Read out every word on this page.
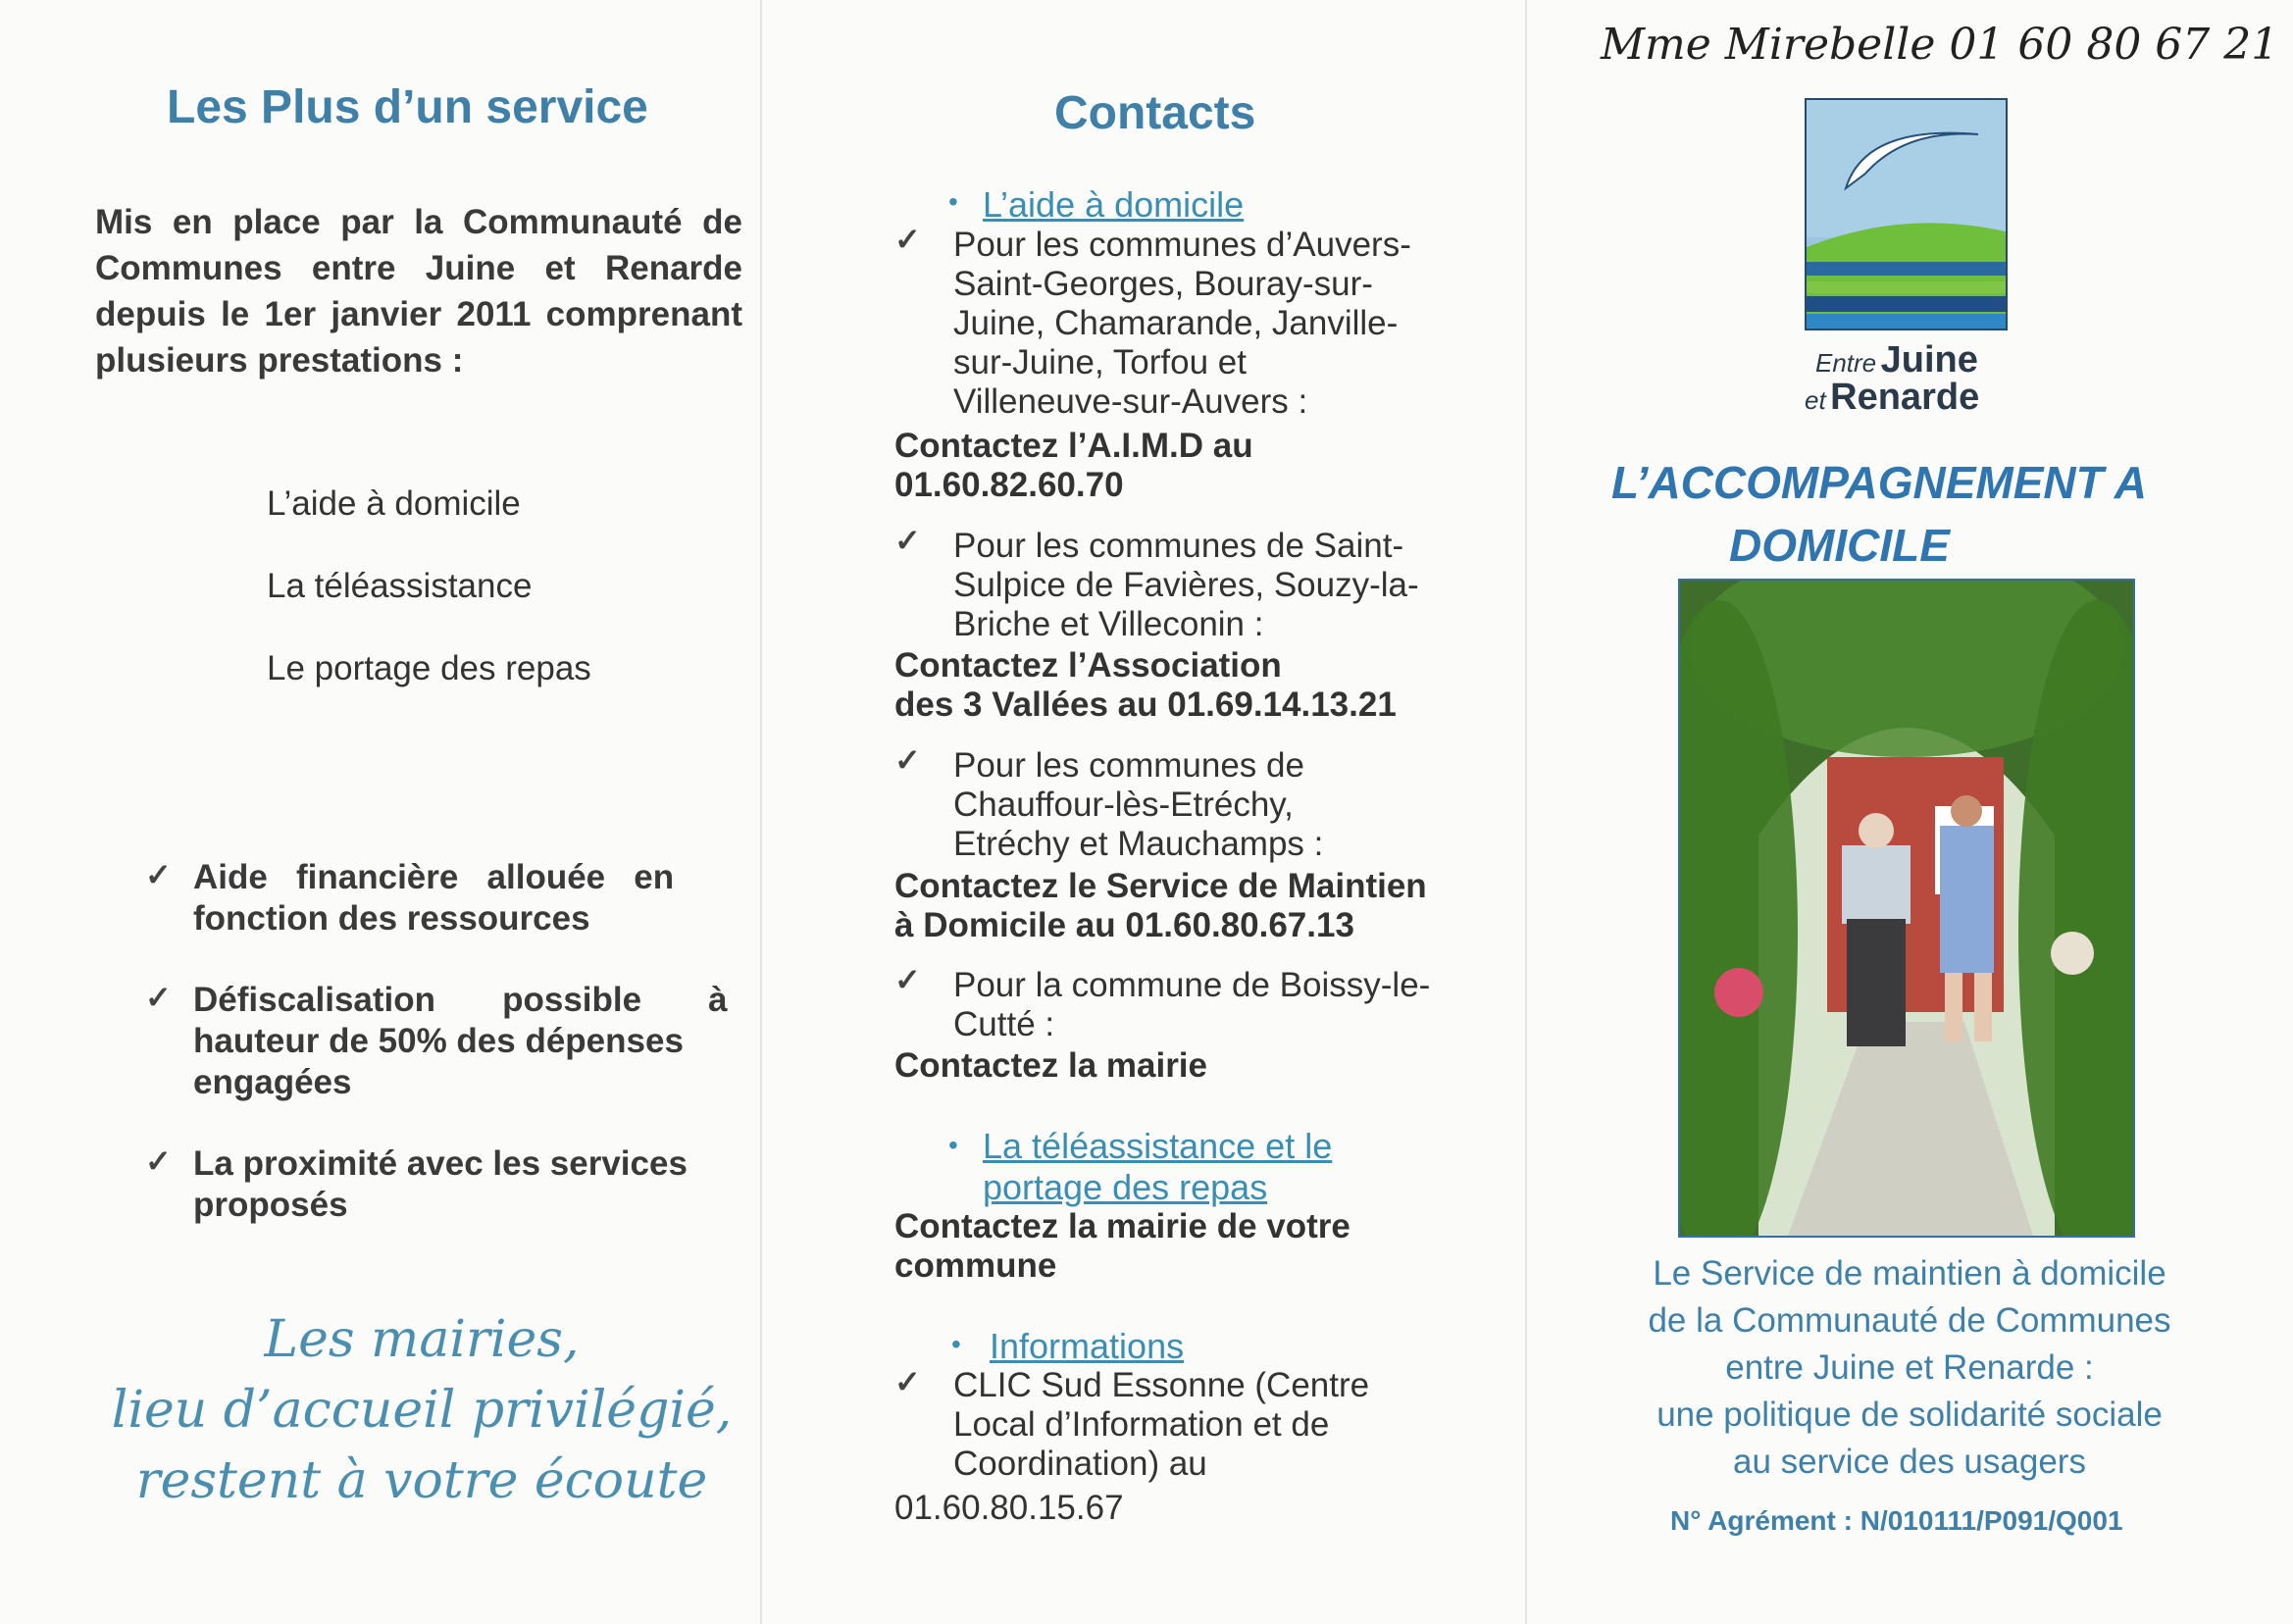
Les Plus d’un service
Mis en place par la Communauté de
Communes entre Juine et Renarde
depuis le 1er janvier 2011 comprenant
plusieurs prestations :
L’aide à domicile
La téléassistance
Le portage des repas
✓ Aide   financière   allouée   en
fonction des ressources
✓ Défiscalisation       possible       à
hauteur de 50% des dépenses
engagées
✓ La proximité avec les services
proposés
Les mairies,
lieu d’accueil privilégié,
restent à votre écoute
Contacts
• L’aide à domicile
✓ Pour les communes d’Auvers-
Saint-Georges, Bouray-sur-
Juine, Chamarande, Janville-
sur-Juine, Torfou et
Villeneuve-sur-Auvers :
Contactez l’A.I.M.D au
01.60.82.60.70
✓ Pour les communes de Saint-
Sulpice de Favières, Souzy-la-
Briche et Villeconin :
Contactez l’Association
des 3 Vallées au 01.69.14.13.21
✓ Pour les communes de
Chauffour-lès-Etréchy,
Etréchy et Mauchamps :
Contactez le Service de Maintien
à Domicile au 01.60.80.67.13
✓ Pour la commune de Boissy-le-
Cutté :
Contactez la mairie
• La téléassistance et le
portage des repas
Contactez la mairie de votre
commune
• Informations
✓ CLIC Sud Essonne (Centre
Local d’Information et de
Coordination) au
01.60.80.15.67
Mme Mirebelle 01 60 80 67 21
Entre Juine
et Renarde
L’ACCOMPAGNEMENT A
DOMICILE
Le Service de maintien à domicile
de la Communauté de Communes
entre Juine et Renarde :
une politique de solidarité sociale
au service des usagers
N° Agrément : N/010111/P091/Q001
